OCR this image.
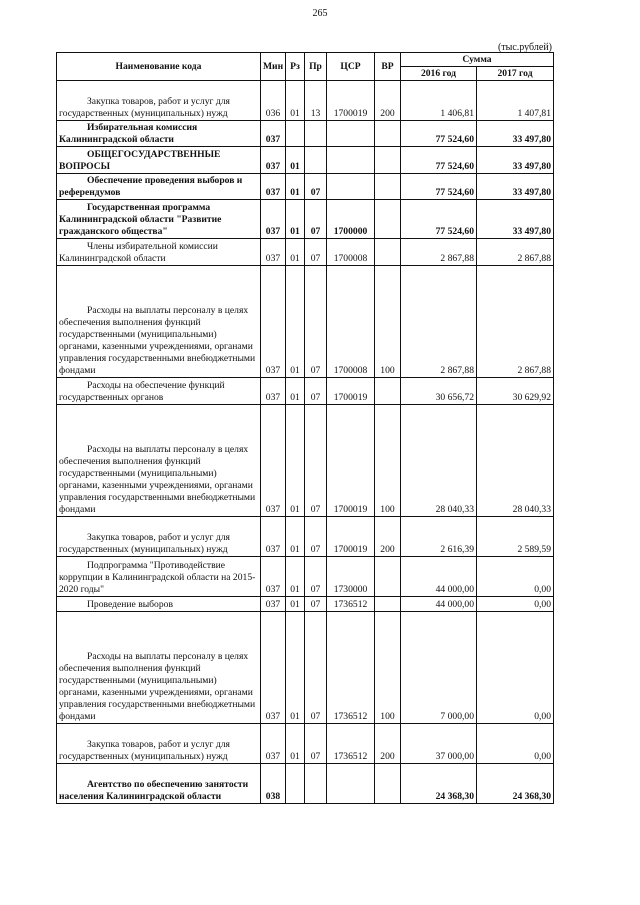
265
(тыс.рублей)
Наименование кода	Мин	Рз	Пр	ЦСР	ВР	Сумма	
						2016 год	2017 год

Закупка товаров, работ и услуг для государственных (муниципальных) нужд	036	01	13	1700019	200	1 406,81	1 407,81

Избирательная комиссия Калининградской области	037					77 524,60	33 497,80

ОБЩЕГОСУДАРСТВЕННЫЕ ВОПРОСЫ	037	01				77 524,60	33 497,80

Обеспечение проведения выборов и референдумов	037	01	07			77 524,60	33 497,80

Государственная программа Калининградской области "Развитие гражданского общества"	037	01	07	1700000		77 524,60	33 497,80

Члены избирательной комиссии Калининградской области	037	01	07	1700008		2 867,88	2 867,88

Расходы на выплаты персоналу в целях обеспечения выполнения функций государственными (муниципальными) органами, казенными учреждениями, органами управления государственными внебюджетными фондами	037	01	07	1700008	100	2 867,88	2 867,88

Расходы на обеспечение функций государственных органов	037	01	07	1700019		30 656,72	30 629,92

Расходы на выплаты персоналу в целях обеспечения выполнения функций государственными (муниципальными) органами, казенными учреждениями, органами управления государственными внебюджетными фондами	037	01	07	1700019	100	28 040,33	28 040,33

Закупка товаров, работ и услуг для государственных (муниципальных) нужд	037	01	07	1700019	200	2 616,39	2 589,59

Подпрограмма "Противодействие коррупции в Калининградской области на 2015-2020 годы"	037	01	07	1730000		44 000,00	0,00

Проведение выборов	037	01	07	1736512		44 000,00	0,00

Расходы на выплаты персоналу в целях обеспечения выполнения функций государственными (муниципальными) органами, казенными учреждениями, органами управления государственными внебюджетными фондами	037	01	07	1736512	100	7 000,00	0,00

Закупка товаров, работ и услуг для государственных (муниципальных) нужд	037	01	07	1736512	200	37 000,00	0,00

Агентство по обеспечению занятости населения Калининградской области	038					24 368,30	24 368,30
